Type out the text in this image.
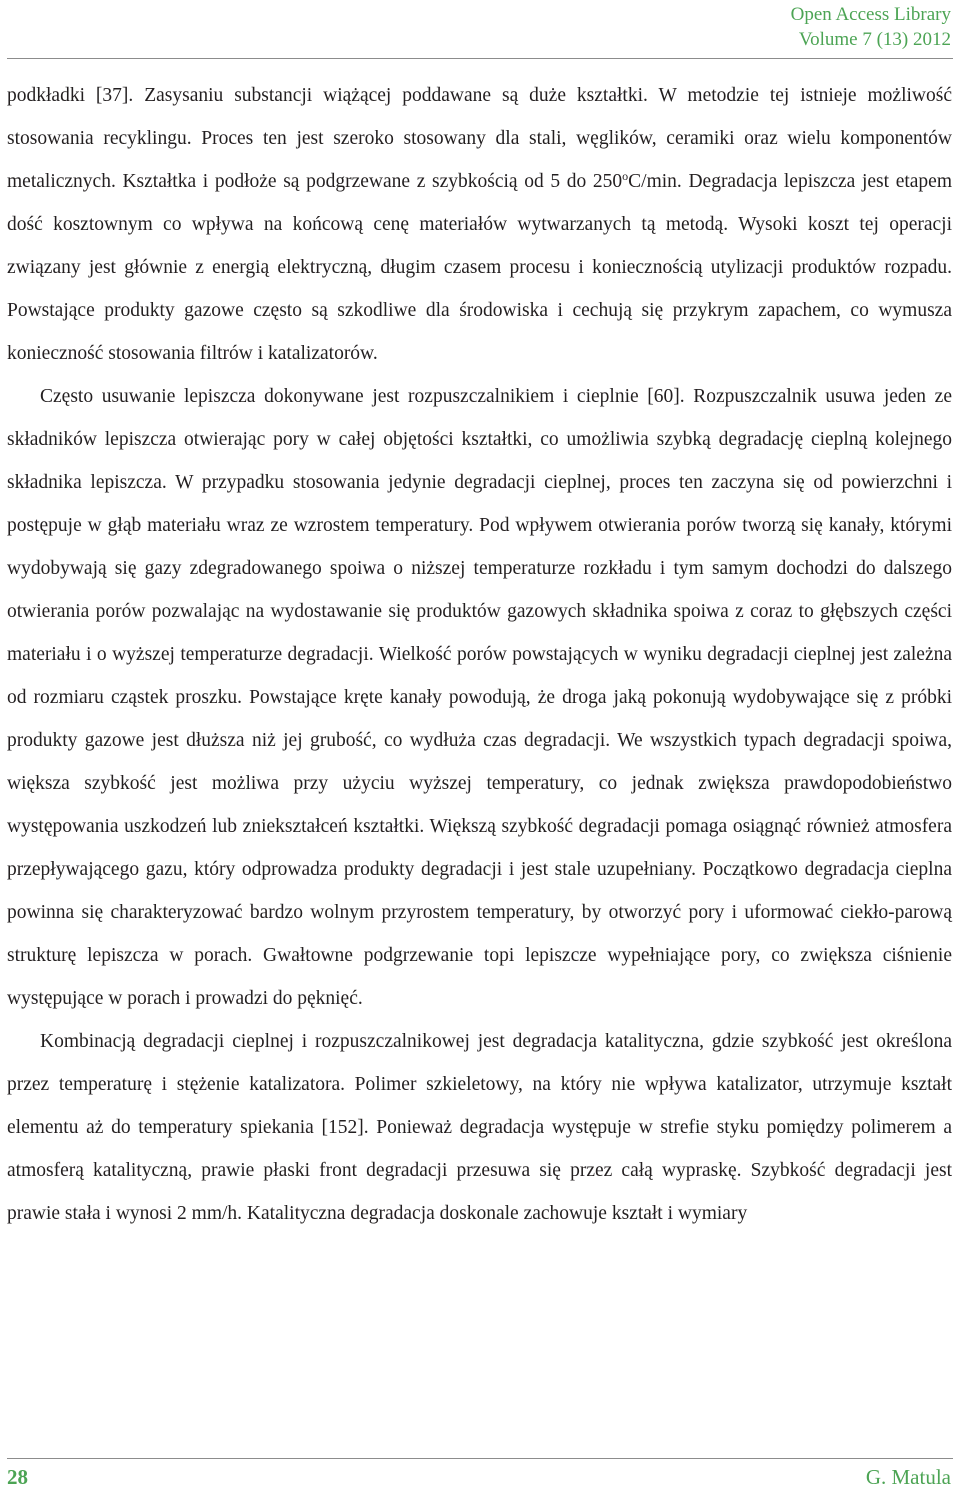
Open Access Library
Volume 7 (13) 2012

podkładki [37]. Zasysaniu substancji wiążącej poddawane są duże kształtki. W metodzie tej istnieje możliwość stosowania recyklingu. Proces ten jest szeroko stosowany dla stali, węglików, ceramiki oraz wielu komponentów metalicznych. Kształtka i podłoże są podgrzewane z szybkością od 5 do 250$^o$C/min. Degradacja lepiszcza jest etapem dość kosztownym co wpływa na końcową cenę materiałów wytwarzanych tą metodą. Wysoki koszt tej operacji związany jest głównie z energią elektryczną, długim czasem procesu i koniecznością utylizacji produktów rozpadu. Powstające produkty gazowe często są szkodliwe dla środowiska i cechują się przykrym zapachem, co wymusza konieczność stosowania filtrów i katalizatorów.

Często usuwanie lepiszcza dokonywane jest rozpuszczalnikiem i cieplnie [60]. Rozpuszczalnik usuwa jeden ze składników lepiszcza otwierając pory w całej objętości kształtki, co umożliwia szybką degradację cieplną kolejnego składnika lepiszcza. W przypadku stosowania jedynie degradacji cieplnej, proces ten zaczyna się od powierzchni i postępuje w głąb materiału wraz ze wzrostem temperatury. Pod wpływem otwierania porów tworzą się kanały, którymi wydobywają się gazy zdegradowanego spoiwa o niższej temperaturze rozkładu i tym samym dochodzi do dalszego otwierania porów pozwalając na wydostawanie się produktów gazowych składnika spoiwa z coraz to głębszych części materiału i o wyższej temperaturze degradacji. Wielkość porów powstających w wyniku degradacji cieplnej jest zależna od rozmiaru cząstek proszku. Powstające kręte kanały powodują, że droga jaką pokonują wydobywające się z próbki produkty gazowe jest dłuższa niż jej grubość, co wydłuża czas degradacji. We wszystkich typach degradacji spoiwa, większa szybkość jest możliwa przy użyciu wyższej temperatury, co jednak zwiększa prawdopodobieństwo występowania uszkodzeń lub zniekształceń kształtki. Większą szybkość degradacji pomaga osiągnąć również atmosfera przepływającego gazu, który odprowadza produkty degradacji i jest stale uzupełniany. Początkowo degradacja cieplna powinna się charakteryzować bardzo wolnym przyrostem temperatury, by otworzyć pory i uformować ciekło-parową strukturę lepiszcza w porach. Gwałtowne podgrzewanie topi lepiszcze wypełniające pory, co zwiększa ciśnienie występujące w porach i prowadzi do pęknięć.

Kombinacją degradacji cieplnej i rozpuszczalnikowej jest degradacja katalityczna, gdzie szybkość jest określona przez temperaturę i stężenie katalizatora. Polimer szkieletowy, na który nie wpływa katalizator, utrzymuje kształt elementu aż do temperatury spiekania [152]. Ponieważ degradacja występuje w strefie styku pomiędzy polimerem a atmosferą katalityczną, prawie płaski front degradacji przesuwa się przez całą wypraskę. Szybkość degradacji jest prawie stała i wynosi 2 mm/h. Katalityczna degradacja doskonale zachowuje kształt i wymiary

28	G. Matula
